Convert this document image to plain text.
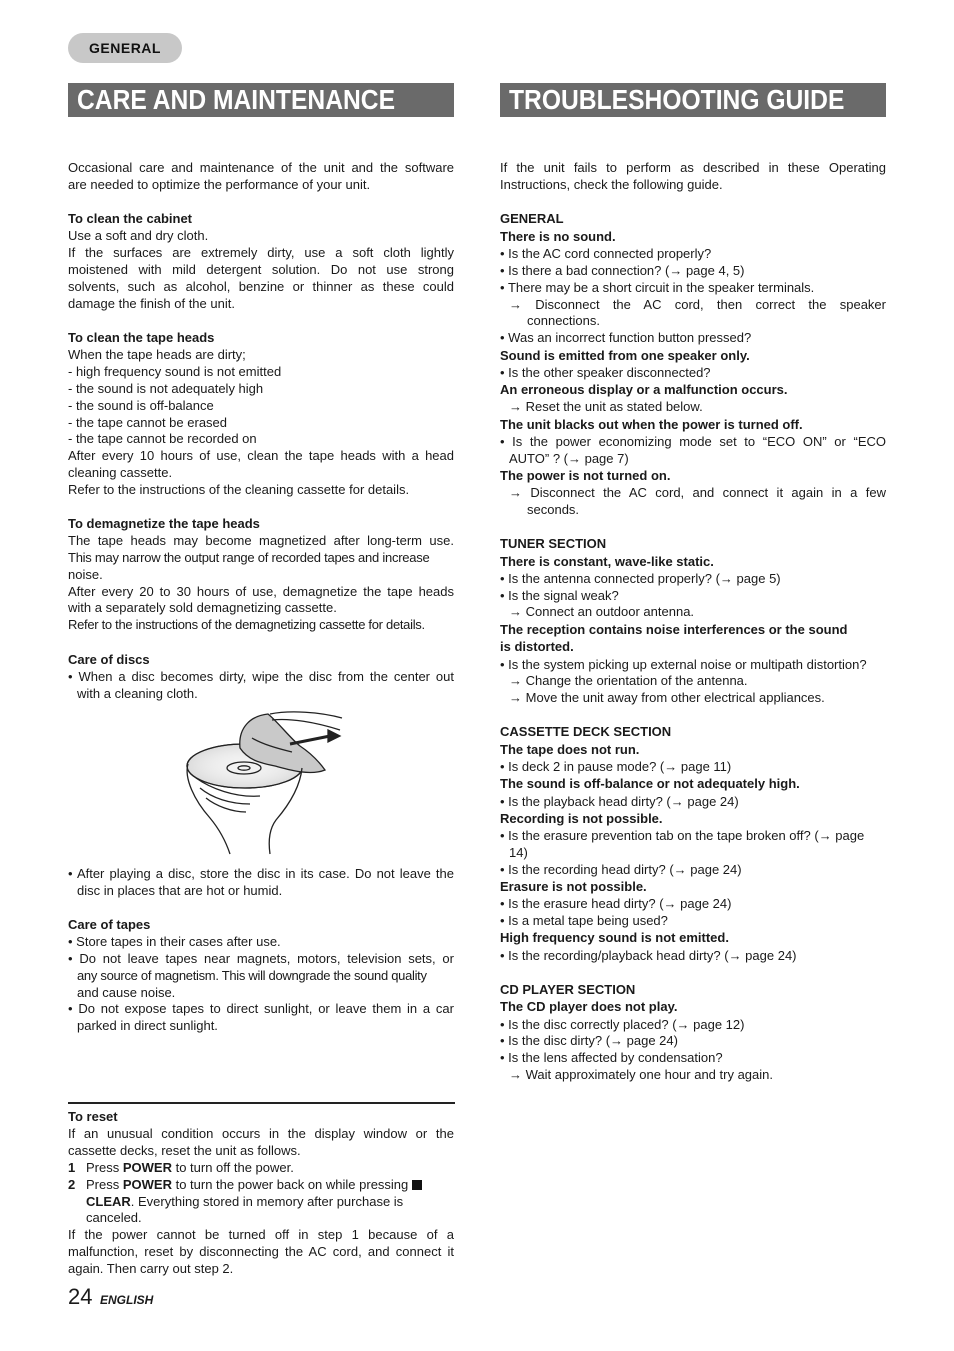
GENERAL
CARE AND MAINTENANCE	TROUBLESHOOTING GUIDE
Occasional care and maintenance of the unit and the software
are needed to optimize the performance of your unit.
To clean the cabinet
Use a soft and dry cloth.
If the surfaces are extremely dirty, use a soft cloth lightly
moistened with mild detergent solution. Do not use strong
solvents, such as alcohol, benzine or thinner as these could
damage the finish of the unit.
To clean the tape heads
When the tape heads are dirty;
- high frequency sound is not emitted
- the sound is not adequately high
- the sound is off-balance
- the tape cannot be erased
- the tape cannot be recorded on
After every 10 hours of use, clean the tape heads with a head
cleaning cassette.
Refer to the instructions of the cleaning cassette for details.
To demagnetize the tape heads
The tape heads may become magnetized after long-term use.
This may narrow the output range of recorded tapes and increase
noise.
After every 20 to 30 hours of use, demagnetize the tape heads
with a separately sold demagnetizing cassette.
Refer to the instructions of the demagnetizing cassette for details.
Care of discs
• When a disc becomes dirty, wipe the disc from the center out
with a cleaning cloth.
• After playing a disc, store the disc in its case. Do not leave the
disc in places that are hot or humid.
Care of tapes
• Store tapes in their cases after use.
• Do not leave tapes near magnets, motors, television sets, or
any source of magnetism. This will downgrade the sound quality
and cause noise.
• Do not expose tapes to direct sunlight, or leave them in a car
parked in direct sunlight.
To reset
If an unusual condition occurs in the display window or the
cassette decks, reset the unit as follows.
1 Press POWER to turn off the power.
2 Press POWER to turn the power back on while pressing
CLEAR. Everything stored in memory after purchase is
canceled.
If the power cannot be turned off in step 1 because of a
malfunction, reset by disconnecting the AC cord, and connect it
again. Then carry out step 2.
If the unit fails to perform as described in these Operating
Instructions, check the following guide.
GENERAL
There is no sound.
• Is the AC cord connected properly?
• Is there a bad connection? (→ page 4, 5)
• There may be a short circuit in the speaker terminals.
→ Disconnect the AC cord, then correct the speaker
connections.
• Was an incorrect function button pressed?
Sound is emitted from one speaker only.
• Is the other speaker disconnected?
An erroneous display or a malfunction occurs.
→ Reset the unit as stated below.
The unit blacks out when the power is turned off.
• Is the power economizing mode set to “ECO ON” or “ECO
AUTO” ? (→ page 7)
The power is not turned on.
→ Disconnect the AC cord, and connect it again in a few
seconds.
TUNER SECTION
There is constant, wave-like static.
• Is the antenna connected properly? (→ page 5)
• Is the signal weak?
→ Connect an outdoor antenna.
The reception contains noise interferences or the sound
is distorted.
• Is the system picking up external noise or multipath distortion?
→ Change the orientation of the antenna.
→ Move the unit away from other electrical appliances.
CASSETTE DECK SECTION
The tape does not run.
• Is deck 2 in pause mode? (→ page 11)
The sound is off-balance or not adequately high.
• Is the playback head dirty? (→ page 24)
Recording is not possible.
• Is the erasure prevention tab on the tape broken off? (→ page
14)
• Is the recording head dirty? (→ page 24)
Erasure is not possible.
• Is the erasure head dirty? (→ page 24)
• Is a metal tape being used?
High frequency sound is not emitted.
• Is the recording/playback head dirty? (→ page 24)
CD PLAYER SECTION
The CD player does not play.
• Is the disc correctly placed? (→ page 12)
• Is the disc dirty? (→ page 24)
• Is the lens affected by condensation?
→ Wait approximately one hour and try again.
24 ENGLISH
